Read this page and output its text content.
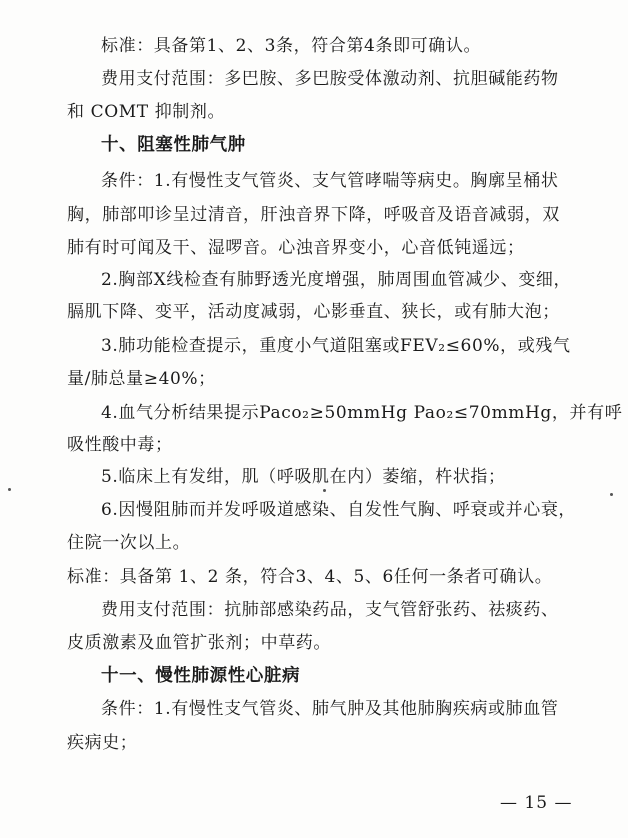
标准：具备第1、2、3条，符合第4条即可确认。
费用支付范围：多巴胺、多巴胺受体激动剂、抗胆碱能药物
和 COMT 抑制剂。
十、阻塞性肺气肿
条件：1.有慢性支气管炎、支气管哮喘等病史。胸廓呈桶状
胸，肺部叩诊呈过清音，肝浊音界下降，呼吸音及语音减弱，双
肺有时可闻及干、湿啰音。心浊音界变小，心音低钝遥远；
2.胸部X线检查有肺野透光度增强，肺周围血管减少、变细，
膈肌下降、变平，活动度减弱，心影垂直、狭长，或有肺大泡；
3.肺功能检查提示，重度小气道阻塞或FEV₂≤60%，或残气
量/肺总量≥40%；
4.血气分析结果提示Paco₂≥50mmHg Pao₂≤70mmHg，并有呼
吸性酸中毒；
5.临床上有发绀，肌（呼吸肌在内）萎缩，杵状指；
6.因慢阻肺而并发呼吸道感染、自发性气胸、呼衰或并心衰，
住院一次以上。
标准：具备第 1、2 条，符合3、4、5、6任何一条者可确认。
费用支付范围：抗肺部感染药品，支气管舒张药、祛痰药、
皮质激素及血管扩张剂；中草药。
十一、慢性肺源性心脏病
条件：1.有慢性支气管炎、肺气肿及其他肺胸疾病或肺血管
疾病史；
— 15 —
